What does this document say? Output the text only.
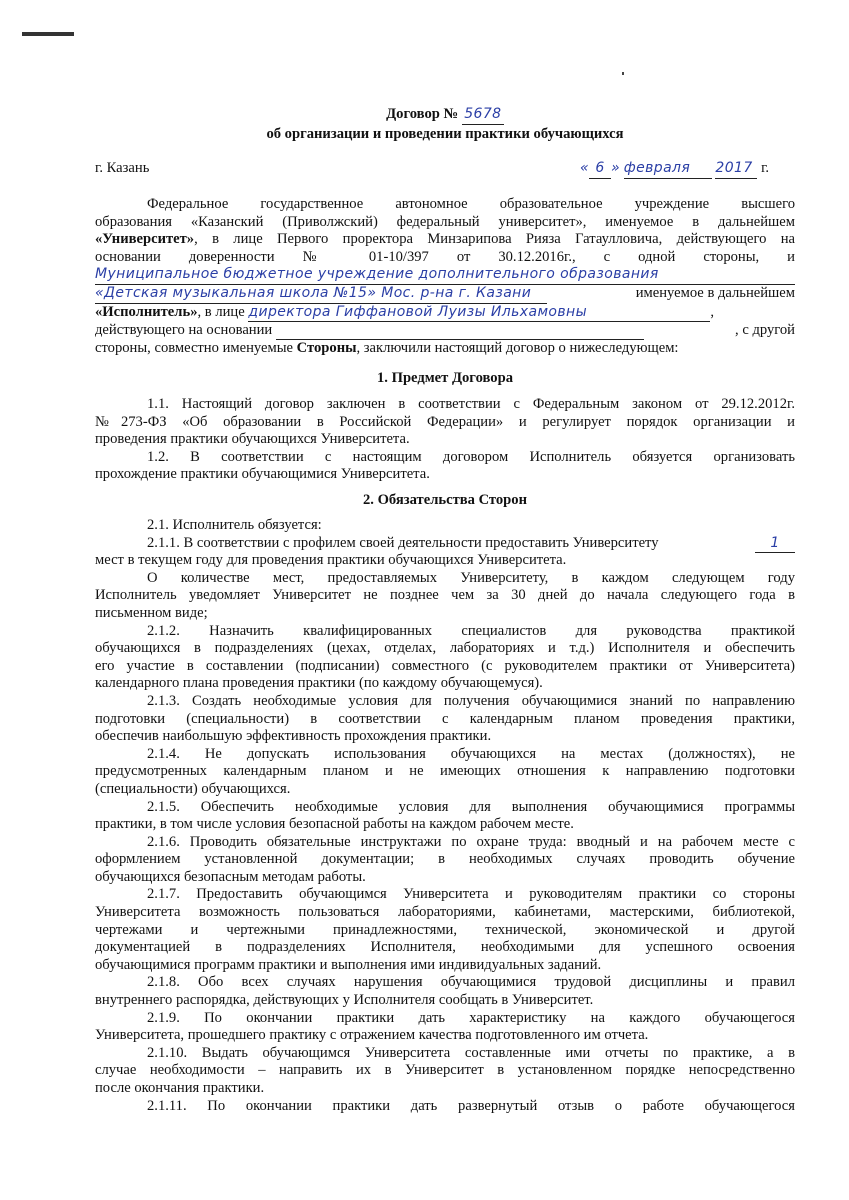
Договор № 5678
об организации и проведении практики обучающихся
г. Казань	« 6 » февраля 2017 г.
Федеральное государственное автономное образовательное учреждение высшего
образования «Казанский (Приволжский) федеральный университет», именуемое в дальнейшем
«Университет», в лице Первого проректора Минзарипова Рияза Гатаулловича, действующего на
основании доверенности № 01-10/397 от 30.12.2016г., с одной стороны, и
Муниципальное бюджетное учреждение дополнительного образования
«Детская музыкальная школа №15» Мос. р-на г. Казани	именуемое в дальнейшем
«Исполнитель», в лице директора Гиффановой Луизы Ильхамовны	,
действующего на основании	, с другой
стороны, совместно именуемые Стороны, заключили настоящий договор о нижеследующем:
1. Предмет Договора
1.1. Настоящий договор заключен в соответствии с Федеральным законом от 29.12.2012г.
№273-ФЗ «Об образовании в Российской Федерации» и регулирует порядок организации и
проведения практики обучающихся Университета.
1.2. В соответствии с настоящим договором Исполнитель обязуется организовать
прохождение практики обучающимися Университета.
2. Обязательства Сторон
2.1. Исполнитель обязуется:
2.1.1. В соответствии с профилем своей деятельности предоставить Университету	1
мест в текущем году для проведения практики обучающихся Университета.
О количестве мест, предоставляемых Университету, в каждом следующем году
Исполнитель уведомляет Университет не позднее чем за 30 дней до начала следующего года в
письменном виде;
2.1.2. Назначить квалифицированных специалистов для руководства практикой
обучающихся в подразделениях (цехах, отделах, лабораториях и т.д.) Исполнителя и обеспечить
его участие в составлении (подписании) совместного (с руководителем практики от Университета)
календарного плана проведения практики (по каждому обучающемуся).
2.1.3. Создать необходимые условия для получения обучающимися знаний по направлению
подготовки (специальности) в соответствии с календарным планом проведения практики,
обеспечив наибольшую эффективность прохождения практики.
2.1.4. Не допускать использования обучающихся на местах (должностях), не
предусмотренных календарным планом и не имеющих отношения к направлению подготовки
(специальности) обучающихся.
2.1.5. Обеспечить необходимые условия для выполнения обучающимися программы
практики, в том числе условия безопасной работы на каждом рабочем месте.
2.1.6. Проводить обязательные инструктажи по охране труда: вводный и на рабочем месте с
оформлением установленной документации; в необходимых случаях проводить обучение
обучающихся безопасным методам работы.
2.1.7. Предоставить обучающимся Университета и руководителям практики со стороны
Университета возможность пользоваться лабораториями, кабинетами, мастерскими, библиотекой,
чертежами и чертежными принадлежностями, технической, экономической и другой
документацией в подразделениях Исполнителя, необходимыми для успешного освоения
обучающимися программ практики и выполнения ими индивидуальных заданий.
2.1.8. Обо всех случаях нарушения обучающимися трудовой дисциплины и правил
внутреннего распорядка, действующих у Исполнителя сообщать в Университет.
2.1.9. По окончании практики дать характеристику на каждого обучающегося
Университета, прошедшего практику с отражением качества подготовленного им отчета.
2.1.10. Выдать обучающимся Университета составленные ими отчеты по практике, а в
случае необходимости – направить их в Университет в установленном порядке непосредственно
после окончания практики.
2.1.11. По окончании практики дать развернутый отзыв о работе обучающегося
